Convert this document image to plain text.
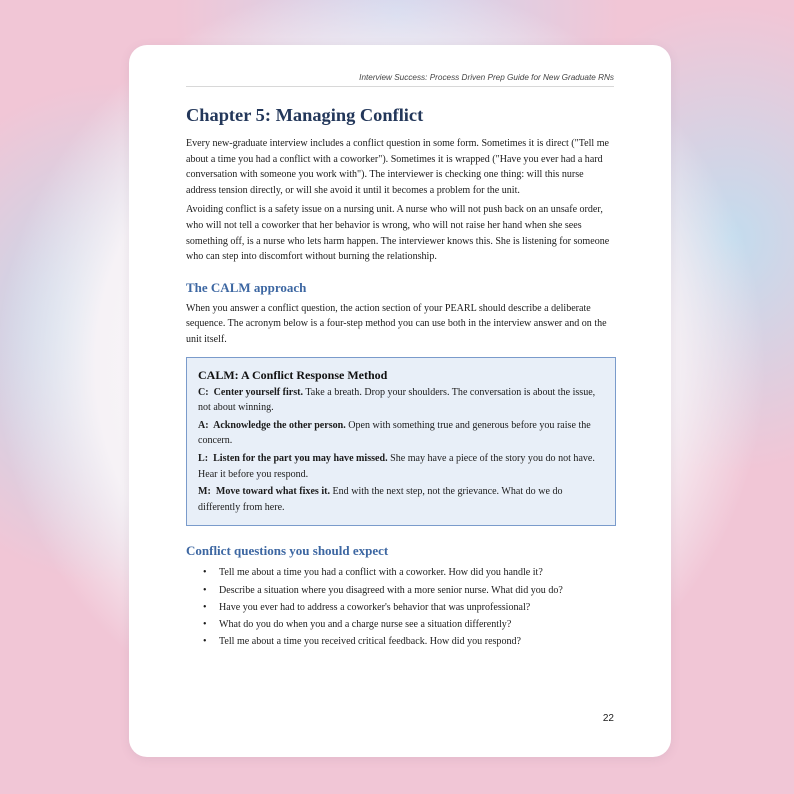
Interview Success: Process Driven Prep Guide for New Graduate RNs
Chapter 5: Managing Conflict

Every new-graduate interview includes a conflict question in some form. Sometimes it is direct ("Tell me about a time you had a conflict with a coworker"). Sometimes it is wrapped ("Have you ever had a hard conversation with someone you work with"). The interviewer is checking one thing: will this nurse address tension directly, or will she avoid it until it becomes a problem for the unit.

Avoiding conflict is a safety issue on a nursing unit. A nurse who will not push back on an unsafe order, who will not tell a coworker that her behavior is wrong, who will not raise her hand when she sees something off, is a nurse who lets harm happen. The interviewer knows this. She is listening for someone who can step into discomfort without burning the relationship.

The CALM approach

When you answer a conflict question, the action section of your PEARL should describe a deliberate sequence. The acronym below is a four-step method you can use both in the interview answer and on the unit itself.

CALM: A Conflict Response Method
C:  Center yourself first. Take a breath. Drop your shoulders. The conversation is about the issue, not about winning.
A:  Acknowledge the other person. Open with something true and generous before you raise the concern.
L:  Listen for the part you may have missed. She may have a piece of the story you do not have. Hear it before you respond.
M:  Move toward what fixes it. End with the next step, not the grievance. What do we do differently from here.
Conflict questions you should expect
• Tell me about a time you had a conflict with a coworker. How did you handle it?
• Describe a situation where you disagreed with a more senior nurse. What did you do?
• Have you ever had to address a coworker's behavior that was unprofessional?
• What do you do when you and a charge nurse see a situation differently?
• Tell me about a time you received critical feedback. How did you respond?
22
